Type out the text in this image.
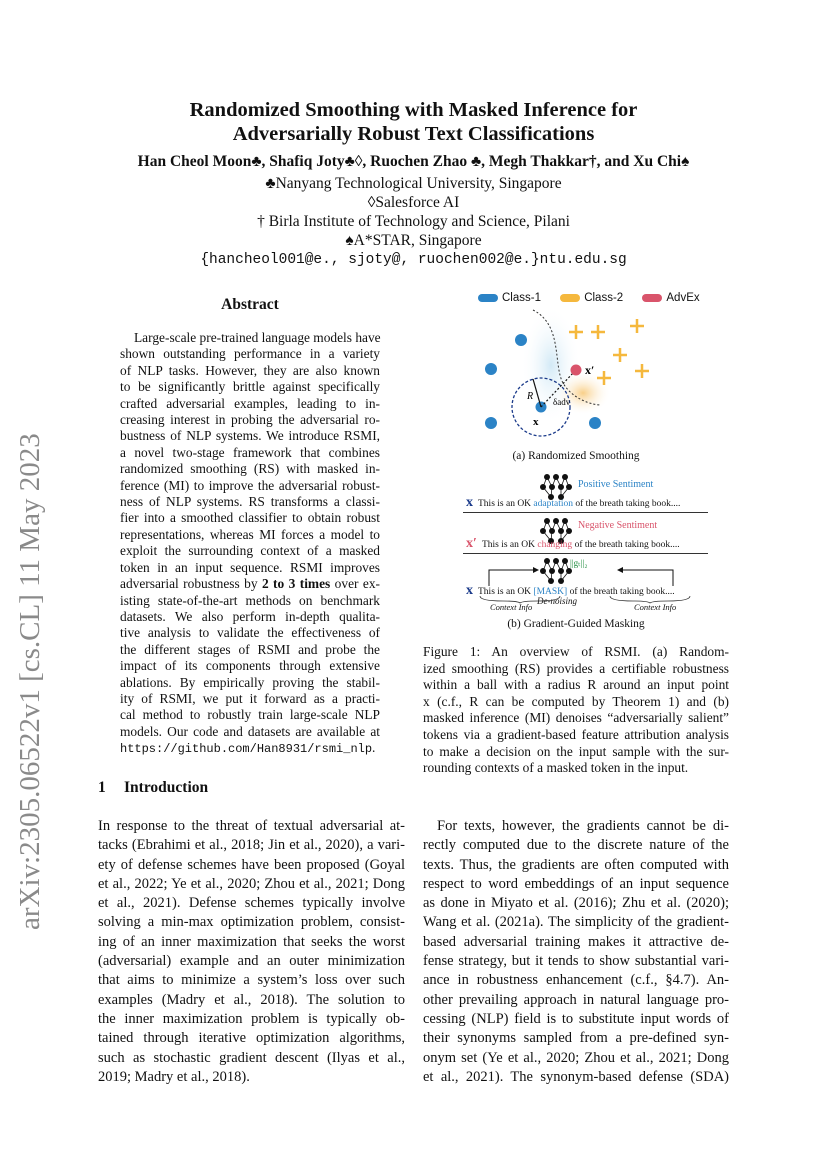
arXiv:2305.06522v1 [cs.CL] 11 May 2023
Randomized Smoothing with Masked Inference for
Adversarially Robust Text Classifications
Han Cheol Moon♣, Shafiq Joty♣◊, Ruochen Zhao ♣, Megh Thakkar†, and Xu Chi♠
♣Nanyang Technological University, Singapore
◊Salesforce AI
† Birla Institute of Technology and Science, Pilani
♠A*STAR, Singapore
{hancheol001@e., sjoty@, ruochen002@e.}ntu.edu.sg
Abstract
Large-scale pre-trained language models have
shown outstanding performance in a variety
of NLP tasks. However, they are also known
to be significantly brittle against specifically
crafted adversarial examples, leading to in-
creasing interest in probing the adversarial ro-
bustness of NLP systems. We introduce RSMI,
a novel two-stage framework that combines
randomized smoothing (RS) with masked in-
ference (MI) to improve the adversarial robust-
ness of NLP systems. RS transforms a classi-
fier into a smoothed classifier to obtain robust
representations, whereas MI forces a model to
exploit the surrounding context of a masked
token in an input sequence. RSMI improves
adversarial robustness by 2 to 3 times over ex-
isting state-of-the-art methods on benchmark
datasets. We also perform in-depth qualita-
tive analysis to validate the effectiveness of
the different stages of RSMI and probe the
impact of its components through extensive
ablations. By empirically proving the stabil-
ity of RSMI, we put it forward as a practi-
cal method to robustly train large-scale NLP
models. Our code and datasets are available at
https://github.com/Han8931/rsmi_nlp.
Class-1
	Class-2
	AdvEx
x′
R δadv
x
(a) Randomized Smoothing
Positive Sentiment
x This is an OK adaptation of the breath taking book....
Negative Sentiment
x′ This is an OK changing of the breath taking book....
||gₜ||₂
x This is an OK [MASK] of the breath taking book....
De-noising
Context Info	Context Info
(b) Gradient-Guided Masking
Figure 1: An overview of RSMI. (a) Random-
ized smoothing (RS) provides a certifiable robustness
within a ball with a radius R around an input point
x (c.f., R can be computed by Theorem 1) and (b)
masked inference (MI) denoises “adversarially salient”
tokens via a gradient-based feature attribution analysis
to make a decision on the input sample with the sur-
rounding contexts of a masked token in the input.
1 Introduction
In response to the threat of textual adversarial at-
tacks (Ebrahimi et al., 2018; Jin et al., 2020), a vari-
ety of defense schemes have been proposed (Goyal
et al., 2022; Ye et al., 2020; Zhou et al., 2021; Dong
et al., 2021). Defense schemes typically involve
solving a min-max optimization problem, consist-
ing of an inner maximization that seeks the worst
(adversarial) example and an outer minimization
that aims to minimize a system’s loss over such
examples (Madry et al., 2018). The solution to
the inner maximization problem is typically ob-
tained through iterative optimization algorithms,
such as stochastic gradient descent (Ilyas et al.,
2019; Madry et al., 2018).
For texts, however, the gradients cannot be di-
rectly computed due to the discrete nature of the
texts. Thus, the gradients are often computed with
respect to word embeddings of an input sequence
as done in Miyato et al. (2016); Zhu et al. (2020);
Wang et al. (2021a). The simplicity of the gradient-
based adversarial training makes it attractive de-
fense strategy, but it tends to show substantial vari-
ance in robustness enhancement (c.f., §4.7). An-
other prevailing approach in natural language pro-
cessing (NLP) field is to substitute input words of
their synonyms sampled from a pre-defined syn-
onym set (Ye et al., 2020; Zhou et al., 2021; Dong
et al., 2021). The synonym-based defense (SDA)
